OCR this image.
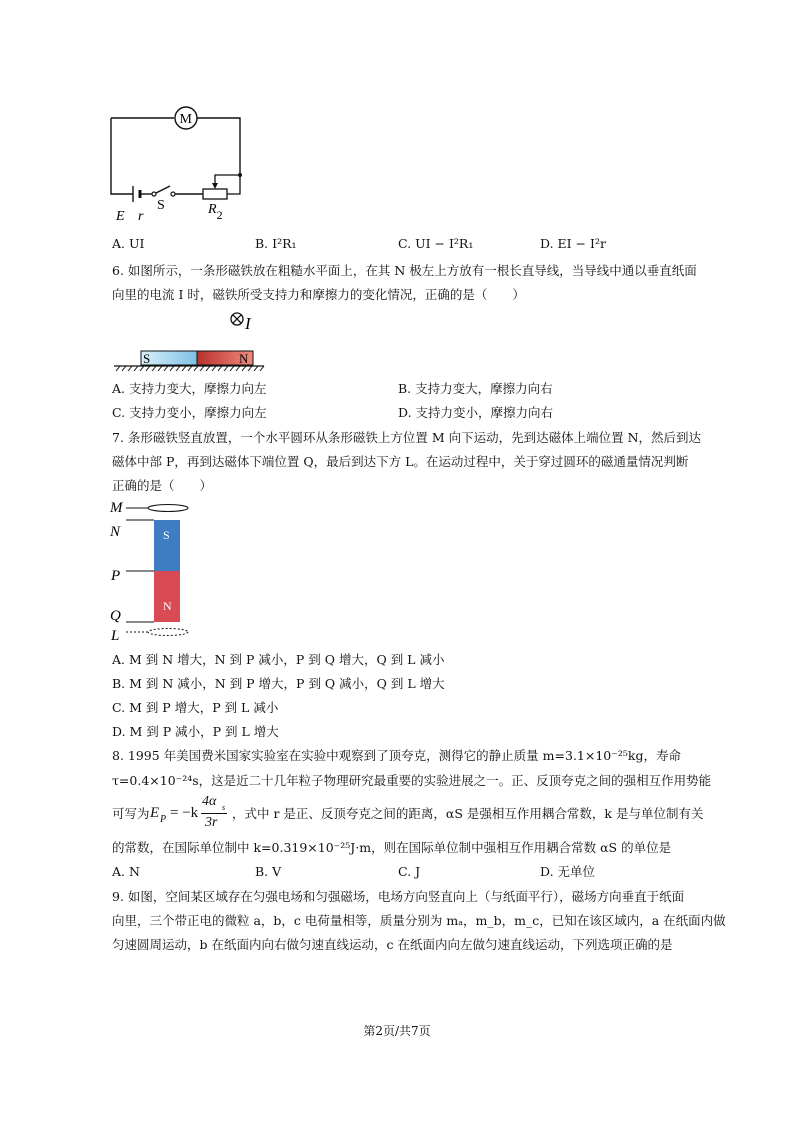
M
S
E r	R2
A. UI	B. I²R₁	C. UI − I²R₁	D. EI − I²r
6. 如图所示，一条形磁铁放在粗糙水平面上，在其 N 极左上方放有一根长直导线，当导线中通以垂直纸面
向里的电流 I 时，磁铁所受支持力和摩擦力的变化情况，正确的是（　　）
I
S	N
A. 支持力变大，摩擦力向左	B. 支持力变大，摩擦力向右
C. 支持力变小，摩擦力向左	D. 支持力变小，摩擦力向右
7. 条形磁铁竖直放置，一个水平圆环从条形磁铁上方位置 M 向下运动，先到达磁体上端位置 N，然后到达
磁体中部 P，再到达磁体下端位置 Q，最后到达下方 L。在运动过程中，关于穿过圆环的磁通量情况判断
正确的是（　　）
S
N
M
N
P
Q
L
A. M 到 N 增大，N 到 P 减小，P 到 Q 增大，Q 到 L 减小
B. M 到 N 减小，N 到 P 增大，P 到 Q 减小，Q 到 L 增大
C. M 到 P 增大，P 到 L 减小
D. M 到 P 减小，P 到 L 增大
8. 1995 年美国费米国家实验室在实验中观察到了顶夸克，测得它的静止质量 m=3.1×10⁻²⁵kg，寿命
τ=0.4×10⁻²⁴s，这是近二十几年粒子物理研究最重要的实验进展之一。正、反顶夸克之间的强相互作用势能
可写为 E P = −k
4α s
3r
，式中 r 是正、反顶夸克之间的距离，αS 是强相互作用耦合常数，k 是与单位制有关
的常数，在国际单位制中 k=0.319×10⁻²⁵J·m，则在国际单位制中强相互作用耦合常数 αS 的单位是
A. N	B. V	C. J	D. 无单位
9. 如图，空间某区域存在匀强电场和匀强磁场，电场方向竖直向上（与纸面平行），磁场方向垂直于纸面
向里，三个带正电的微粒 a，b，c 电荷量相等，质量分别为 mₐ，m_b，m_c，已知在该区域内，a 在纸面内做
匀速圆周运动，b 在纸面内向右做匀速直线运动，c 在纸面内向左做匀速直线运动，下列选项正确的是
第2页/共7页
